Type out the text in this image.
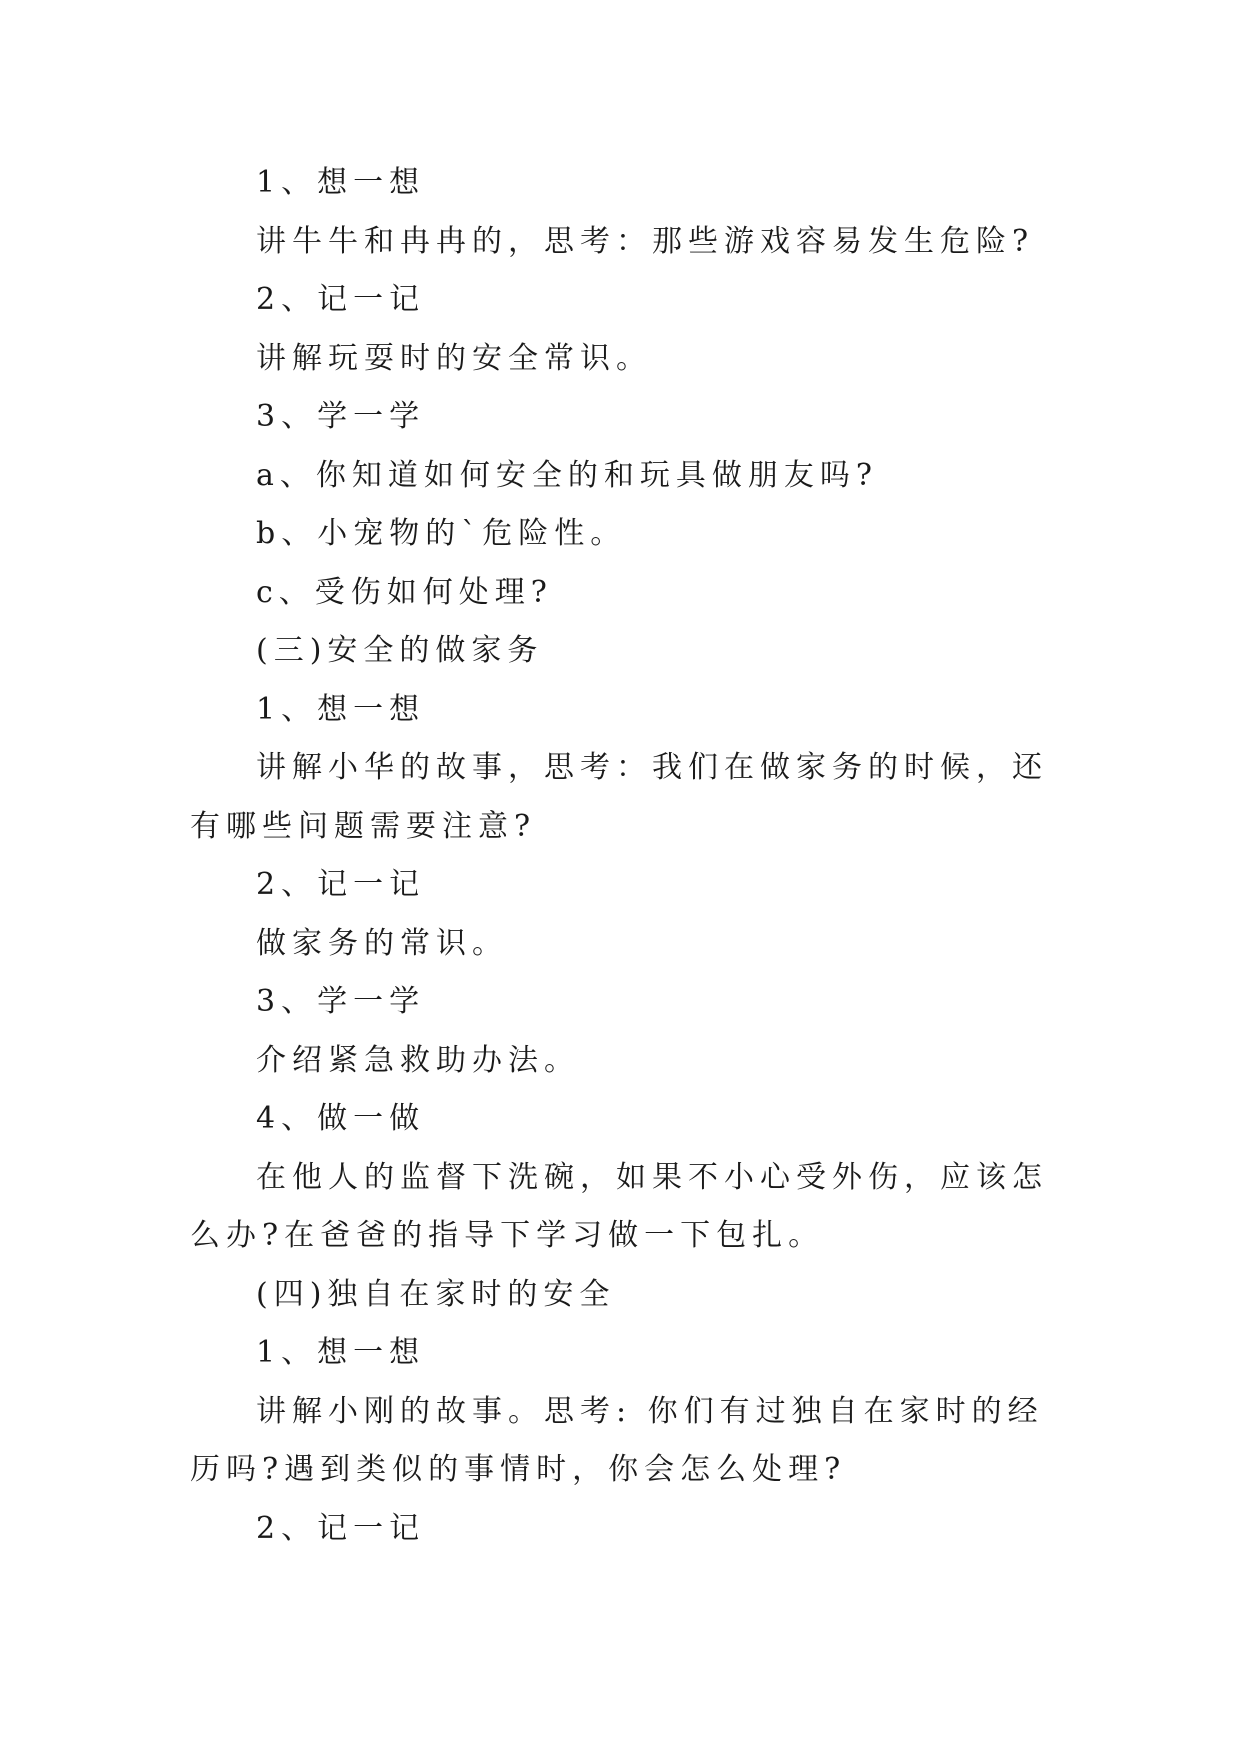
1、想一想

讲牛牛和冉冉的，思考：那些游戏容易发生危险?

2、记一记

讲解玩耍时的安全常识。

3、学一学

a、你知道如何安全的和玩具做朋友吗?

b、小宠物的`危险性。

c、受伤如何处理?

(三)安全的做家务

1、想一想

讲解小华的故事，思考：我们在做家务的时候，还有哪些问题需要注意?

2、记一记

做家务的常识。

3、学一学

介绍紧急救助办法。

4、做一做

在他人的监督下洗碗，如果不小心受外伤，应该怎么办?在爸爸的指导下学习做一下包扎。

(四)独自在家时的安全

1、想一想

讲解小刚的故事。思考: 你们有过独自在家时的经历吗?遇到类似的事情时，你会怎么处理?

2、记一记
